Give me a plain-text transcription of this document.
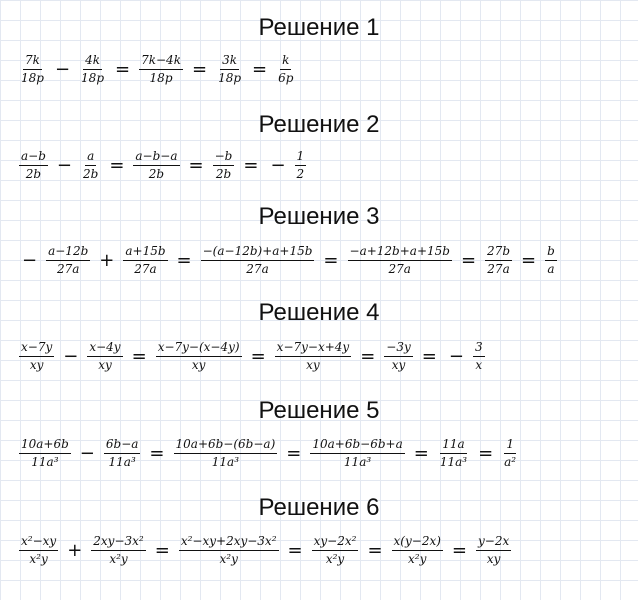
Решение 1
$\frac{7k}{18p} - \frac{4k}{18p} = \frac{7k-4k}{18p} = \frac{3k}{18p} = \frac{k}{6p}$
Решение 2
$\frac{a-b}{2b} - \frac{a}{2b} = \frac{a-b-a}{2b} = \frac{-b}{2b}$ = − $\frac{1}{2}$
Решение 3
− $\frac{a-12b}{27a} + \frac{a+15b}{27a} = \frac{-(a-12b)+a+15b}{27a} = \frac{-a+12b+a+15b}{27a} = \frac{27b}{27a} = \frac{b}{a}$
Решение 4
$\frac{x-7y}{xy} - \frac{x-4y}{xy} = \frac{x-7y-(x-4y)}{xy} = \frac{x-7y-x+4y}{xy} = \frac{-3y}{xy}$ = − $\frac{3}{x}$
Решение 5
$\frac{10a+6b}{\text{11a³}} - \frac{6b-a}{\text{11a³}} = \frac{10a+6b-(6b-a)}{\text{11a³}} = \frac{10a+6b-6b+a}{\text{11a³}} = \frac{11a}{\text{11a³}} = \frac{1}{\text{a²}}$
Решение 6
$\frac{\text{x²−xy}}{\text{x²y}} + \frac{\text{2xy−3x²}}{\text{x²y}} = \frac{\text{x²−xy+2xy−3x²}}{\text{x²y}} = \frac{\text{xy−2x²}}{\text{x²y}} = \frac{x(y-2x)}{\text{x²y}} = \frac{y-2x}{xy}$
